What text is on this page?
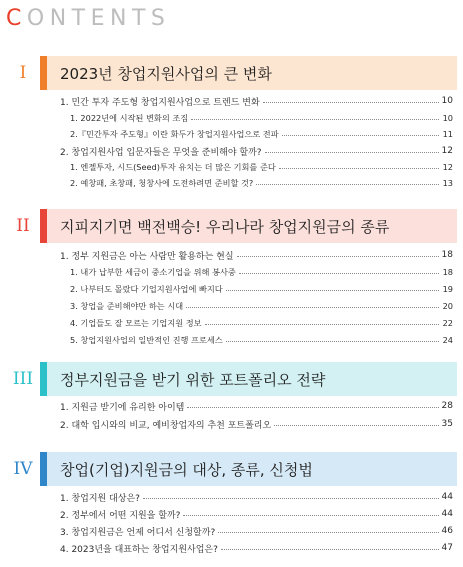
CONTENTS
I	2023년 창업지원사업의 큰 변화
1. 민간 투자 주도형 창업지원사업으로 트렌드 변화	10
1. 2022년에 시작된 변화의 조짐	10
2.『민간투자 주도형』이란 화두가 창업지원사업으로 전파	11
2. 창업지원사업 입문자들은 무엇을 준비해야 할까?	12
1. 엔젤투자, 시드(Seed)투자 유치는 더 많은 기회를 준다	12
2. 예창패, 초창패, 청창사에 도전하려면 준비할 것?	13
II	지피지기면 백전백승! 우리나라 창업지원금의 종류
1. 정부 지원금은 아는 사람만 활용하는 현실	18
1. 내가 납부한 세금이 중소기업을 위해 봉사중	18
2. 나부터도 몰랐다 기업지원사업에 빠지다	19
3. 창업을 준비해야만 하는 시대	20
4. 기업들도 잘 모르는 기업지원 정보	22
5. 창업지원사업의 일반적인 진행 프로세스	24
III	정부지원금을 받기 위한 포트폴리오 전략
1. 지원금 받기에 유리한 아이템	28
2. 대학 입시와의 비교, 예비창업자의 추천 포트폴리오	35
IV	창업(기업)지원금의 대상, 종류, 신청법
1. 창업지원 대상은?	44
2. 정부에서 어떤 지원을 할까?	44
3. 창업지원금은 언제 어디서 신청할까?	46
4. 2023년을 대표하는 창업지원사업은?	47
